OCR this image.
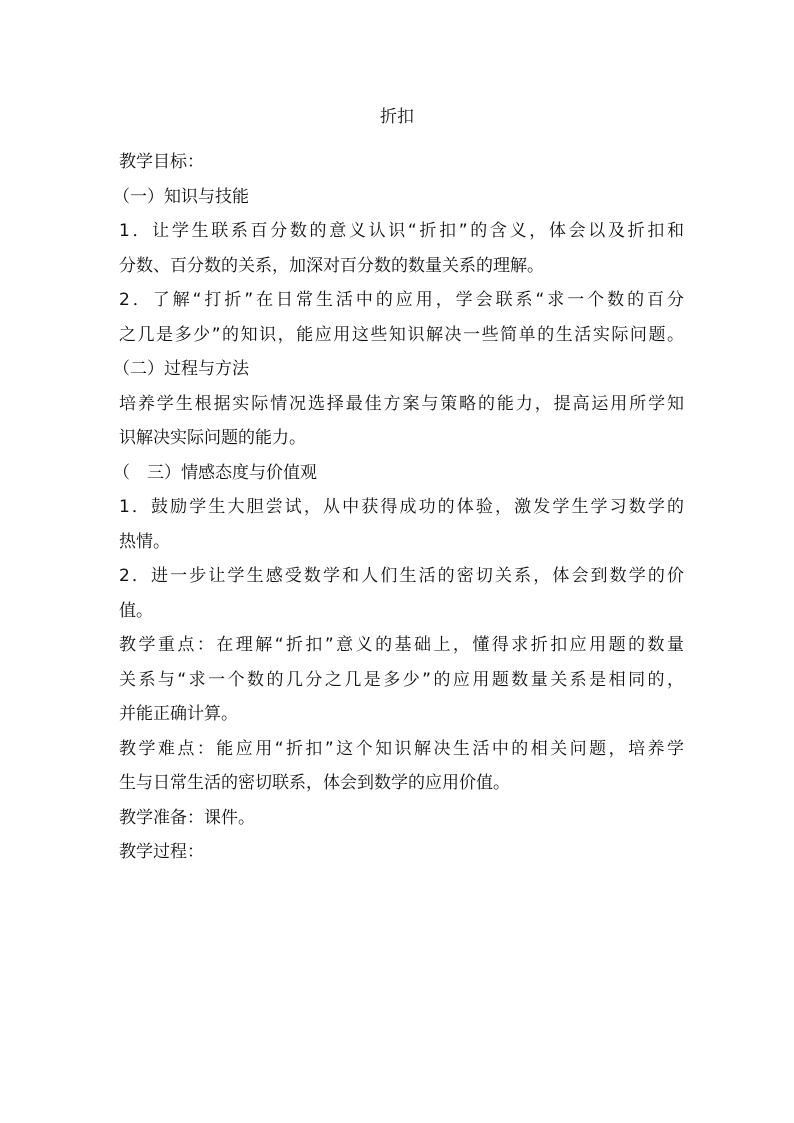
折扣

教学目标：

（一）知识与技能

1．让学生联系百分数的意义认识“折扣”的含义，体会以及折扣和

分数、百分数的关系，加深对百分数的数量关系的理解。

2．了解“打折”在日常生活中的应用，学会联系“求一个数的百分

之几是多少”的知识，能应用这些知识解决一些简单的生活实际问题。

（二）过程与方法

培养学生根据实际情况选择最佳方案与策略的能力，提高运用所学知

识解决实际问题的能力。

（　三）情感态度与价值观

1．鼓励学生大胆尝试，从中获得成功的体验，激发学生学习数学的

热情。

2．进一步让学生感受数学和人们生活的密切关系，体会到数学的价

值。

教学重点：在理解“折扣”意义的基础上，懂得求折扣应用题的数量

关系与“求一个数的几分之几是多少”的应用题数量关系是相同的，

并能正确计算。

教学难点：能应用“折扣”这个知识解决生活中的相关问题，培养学

生与日常生活的密切联系，体会到数学的应用价值。

教学准备：课件。

教学过程：
